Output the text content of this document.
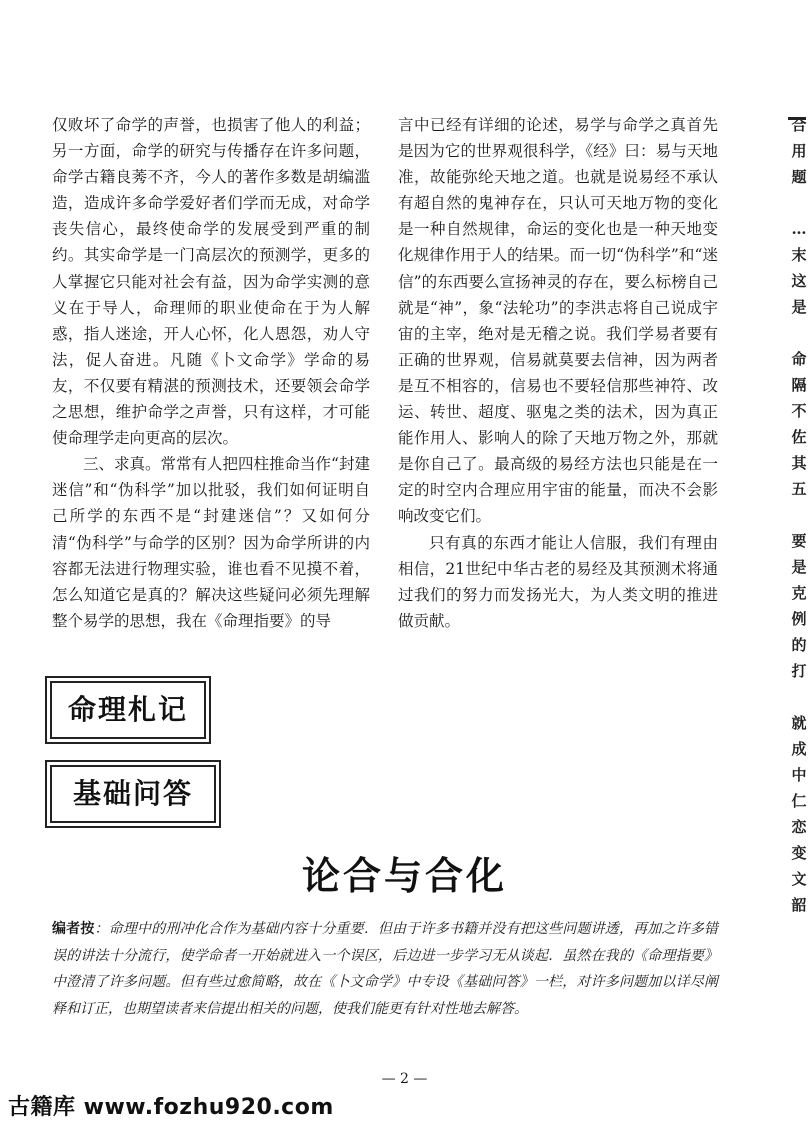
仅败坏了命学的声誉，也损害了他人的利益；另一方面，命学的研究与传播存在许多问题，命学古籍良莠不齐，今人的著作多数是胡编滥造，造成许多命学爱好者们学而无成，对命学丧失信心，最终使命学的发展受到严重的制约。其实命学是一门高层次的预测学，更多的人掌握它只能对社会有益，因为命学实测的意义在于导人，命理师的职业使命在于为人解惑，指人迷途，开人心怀，化人恩怨，劝人守法，促人奋进。凡随《卜文命学》学命的易友，不仅要有精湛的预测技术，还要领会命学之思想，维护命学之声誉，只有这样，才可能使命理学走向更高的层次。

三、求真。常常有人把四柱推命当作“封建迷信”和“伪科学”加以批驳，我们如何证明自己所学的东西不是“封建迷信”？又如何分清“伪科学”与命学的区别？因为命学所讲的内容都无法进行物理实验，谁也看不见摸不着，怎么知道它是真的？解决这些疑问必须先理解整个易学的思想，我在《命理指要》的导

言中已经有详细的论述，易学与命学之真首先是因为它的世界观很科学，《经》曰：易与天地准，故能弥纶天地之道。也就是说易经不承认有超自然的鬼神存在，只认可天地万物的变化是一种自然规律，命运的变化也是一种天地变化规律作用于人的结果。而一切“伪科学”和“迷信”的东西要么宣扬神灵的存在，要么标榜自己就是“神”，象“法轮功”的李洪志将自己说成宇宙的主宰，绝对是无稽之说。我们学易者要有正确的世界观，信易就莫要去信神，因为两者是互不相容的，信易也不要轻信那些神符、改运、转世、超度、驱鬼之类的法术，因为真正能作用人、影响人的除了天地万物之外，那就是你自己了。最高级的易经方法也只能是在一定的时空内合理应用宇宙的能量，而决不会影响改变它们。

只有真的东西才能让人信服，我们有理由相信，21世纪中华古老的易经及其预测术将通过我们的努力而发扬光大，为人类文明的推进做贡献。

合
用
题
…
末
这
是
命
隔
不
佐
其
五
要
是
克
例
的
打
就
成
中
仁
恋
变
文
韶
命理札记
基础问答
论合与合化
编者按：命理中的刑冲化合作为基础内容十分重要．但由于许多书籍并没有把这些问题讲透，再加之许多错误的讲法十分流行，使学命者一开始就进入一个误区，后边进一步学习无从谈起．虽然在我的《命理指要》中澄清了许多问题。但有些过愈简略，故在《卜文命学》中专设《基础问答》一栏，对许多问题加以详尽阐释和订正，也期望读者来信提出相关的问题，使我们能更有针对性地去解答。
— 2 —
古籍库 www.fozhu920.com
